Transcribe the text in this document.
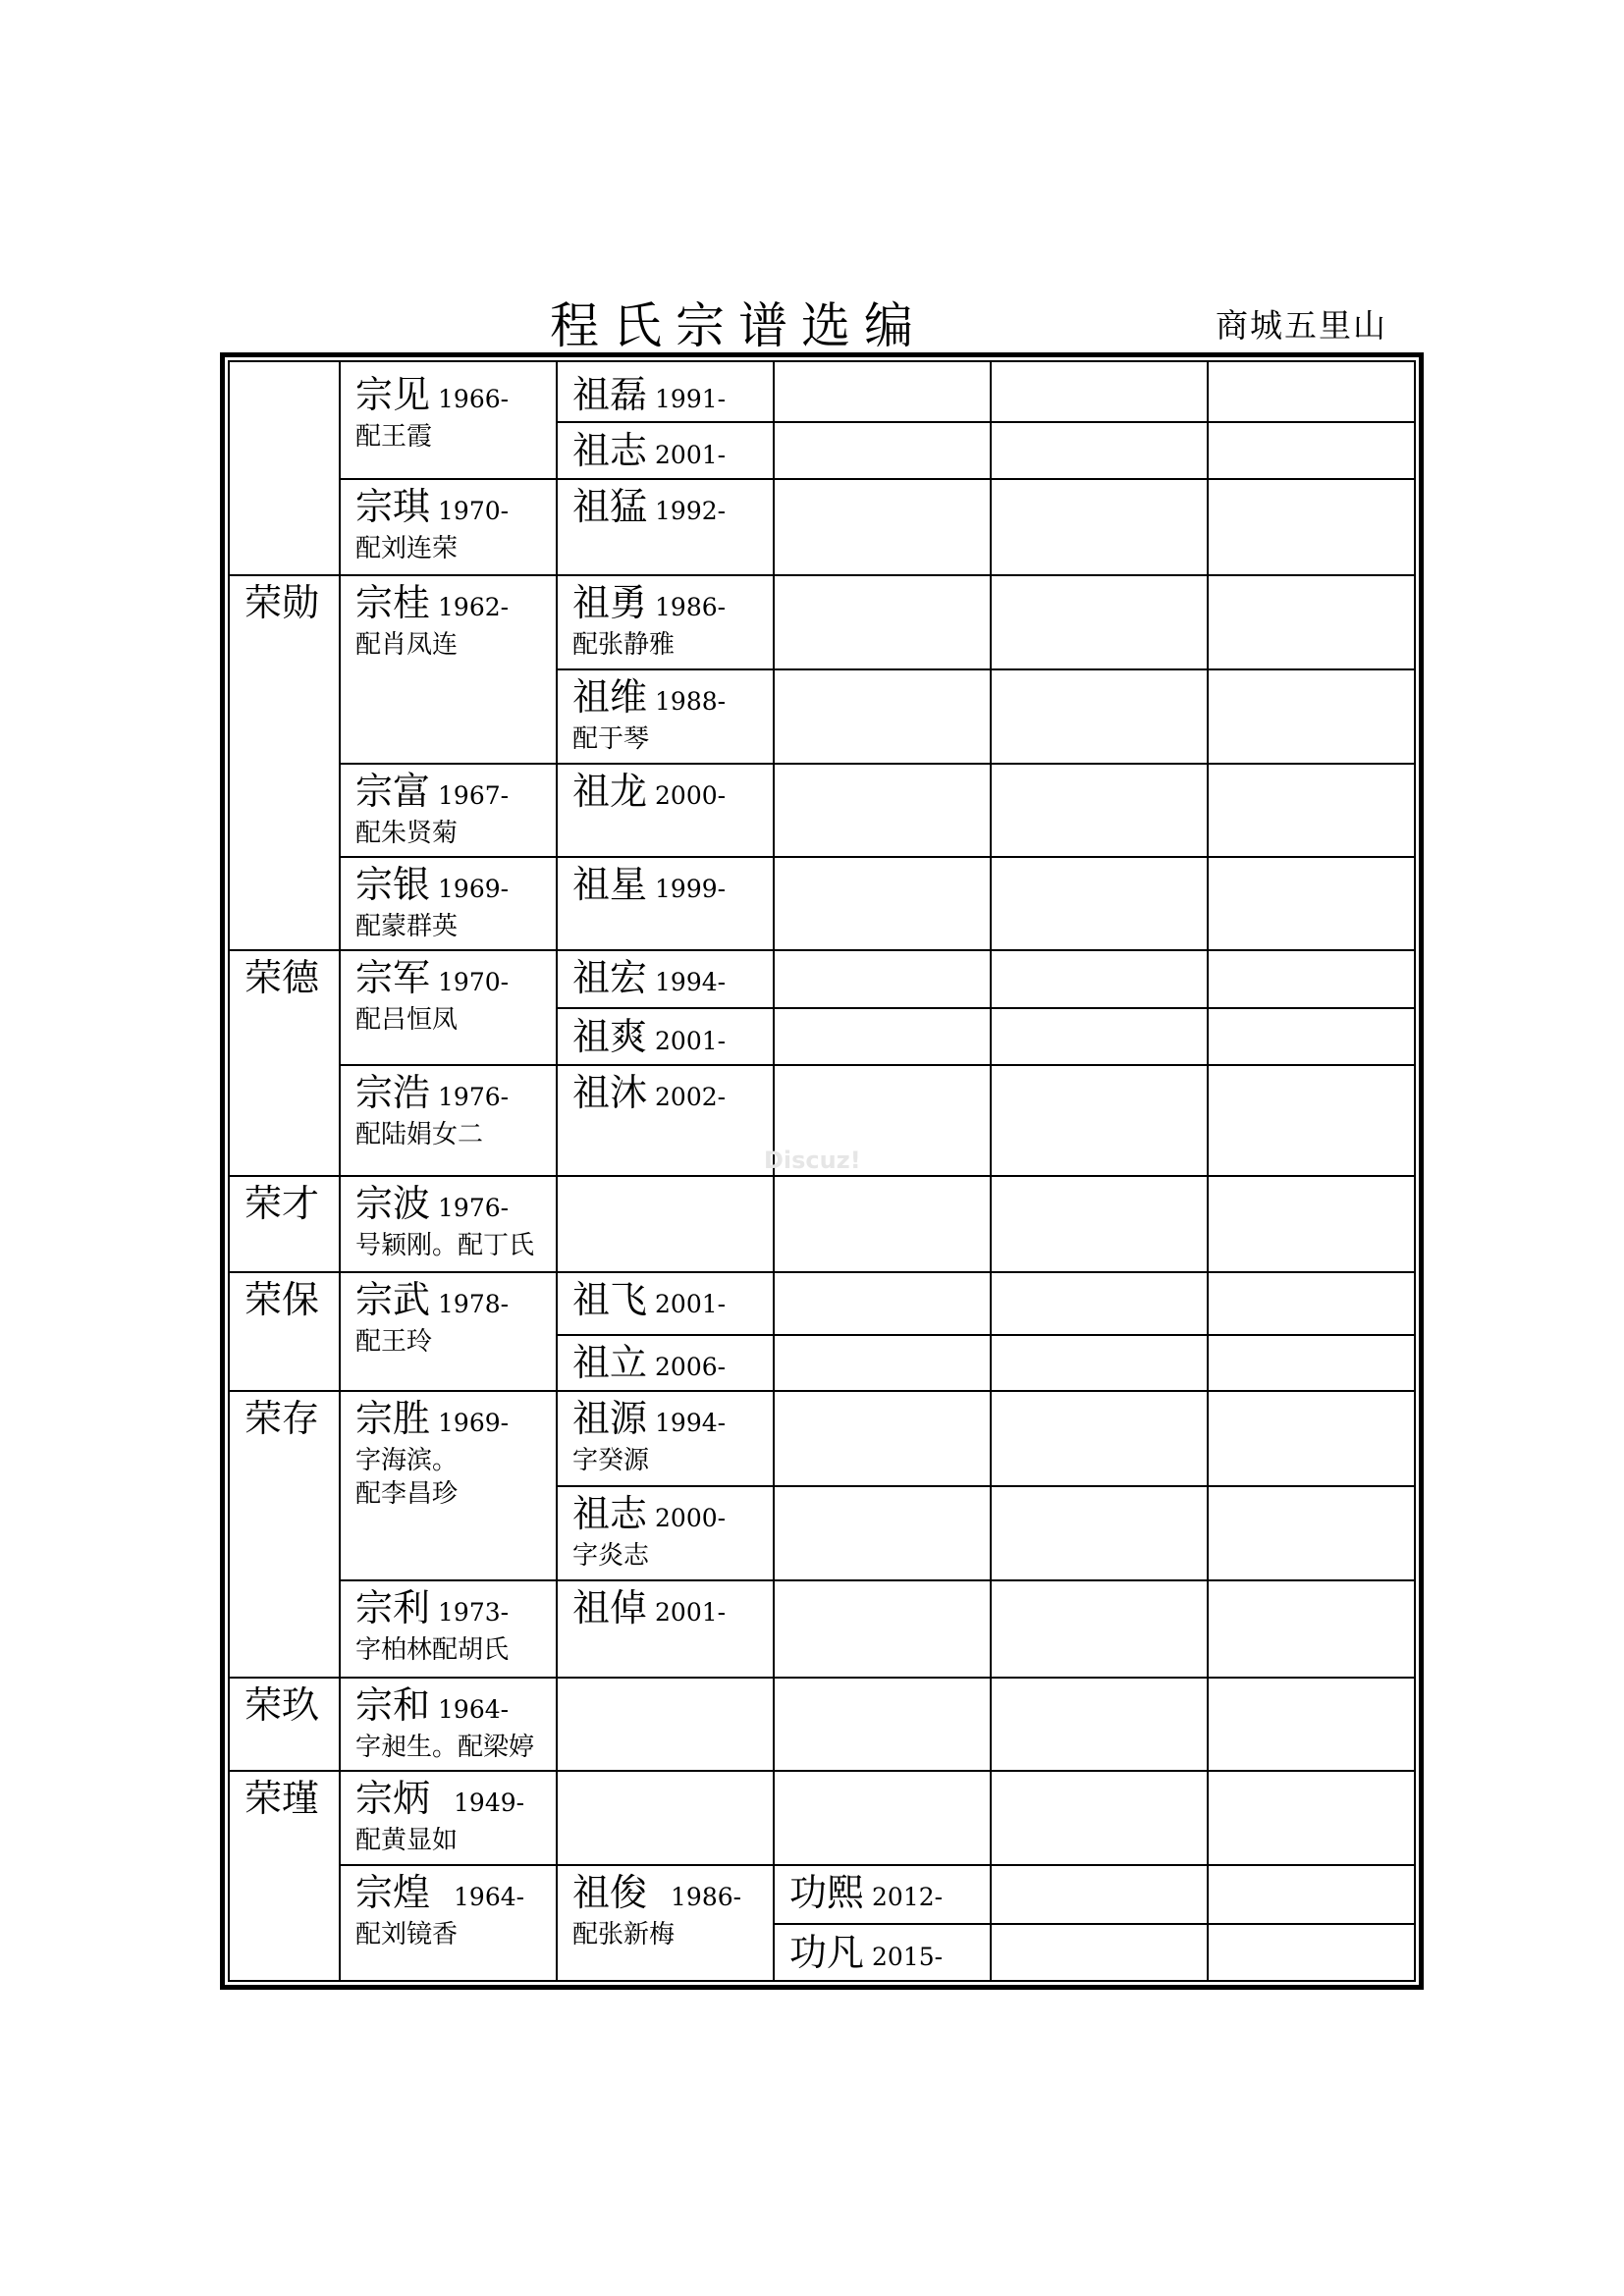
程氏宗谱选编	商城五里山
荣勋
荣德
荣才
荣保
荣存
荣玖
荣瑾
宗见 1966-
配王霞
宗琪 1970-
配刘连荣
宗桂 1962-
配肖凤连
宗富 1967-
配朱贤菊
宗银 1969-
配蒙群英
宗军 1970-
配吕恒凤
宗浩 1976-
配陆娟女二
宗波 1976-
号颖刚。配丁氏
宗武 1978-
配王玲
宗胜 1969-
字海滨。
配李昌珍
宗利 1973-
字柏林配胡氏
宗和 1964-
字昶生。配梁婷
宗炳 1949-
配黄显如
宗煌 1964-
配刘镜香
祖磊 1991-
祖志 2001-
祖猛 1992-
祖勇 1986-
配张静雅
祖维 1988-
配于琴
祖龙 2000-
祖星 1999-
祖宏 1994-
祖爽 2001-
祖沐 2002-
祖飞 2001-
祖立 2006-
祖源 1994-
字癸源
祖志 2000-
字炎志
祖倬 2001-
祖俊 1986-
配张新梅
功熙 2012-
功凡 2015-
Discuz!
